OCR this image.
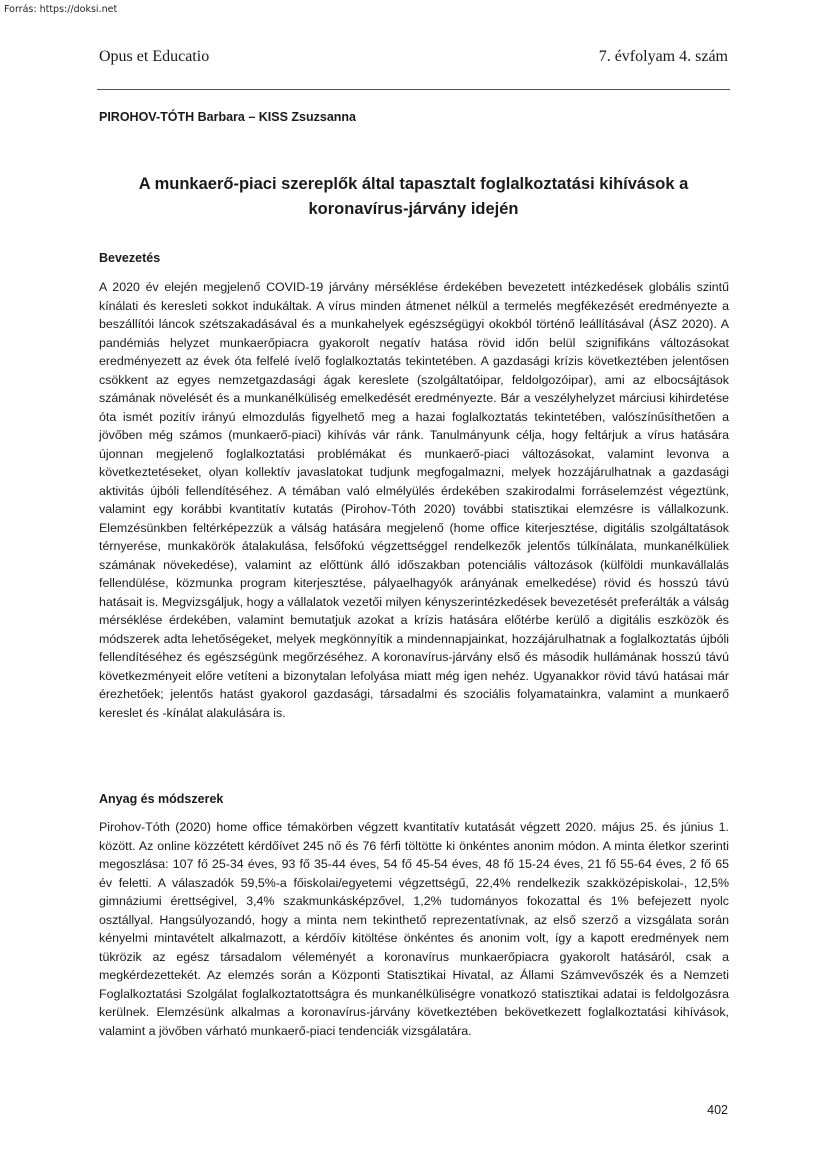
Forrás: https://doksi.net
Opus et Educatio	7. évfolyam 4. szám
PIROHOV-TÓTH Barbara – KISS Zsuzsanna
A munkaerő-piaci szereplők által tapasztalt foglalkoztatási kihívások a koronavírus-járvány idején
Bevezetés

A 2020 év elején megjelenő COVID-19 járvány mérséklése érdekében bevezetett intézkedések globális szintű kínálati és keresleti sokkot indukáltak. A vírus minden átmenet nélkül a termelés megfékezését eredményezte a beszállítói láncok szétszakadásával és a munkahelyek egészségügyi okokból történő leállításával (ÁSZ 2020). A pandémiás helyzet munkaerőpiacra gyakorolt negatív hatása rövid időn belül szignifikáns változásokat eredményezett az évek óta felfelé ívelő foglalkoztatás tekintetében. A gazdasági krízis következtében jelentősen csökkent az egyes nemzetgazdasági ágak kereslete (szolgáltatóipar, feldolgozóipar), ami az elbocsájtások számának növelését és a munkanélküliség emelkedését eredményezte. Bár a veszélyhelyzet márciusi kihirdetése óta ismét pozitív irányú elmozdulás figyelhető meg a hazai foglalkoztatás tekintetében, valószínűsíthetően a jövőben még számos (munkaerő-piaci) kihívás vár ránk. Tanulmányunk célja, hogy feltárjuk a vírus hatására újonnan megjelenő foglalkoztatási problémákat és munkaerő-piaci változásokat, valamint levonva a következtetéseket, olyan kollektív javaslatokat tudjunk megfogalmazni, melyek hozzájárulhatnak a gazdasági aktivitás újbóli fellendítéséhez. A témában való elmélyülés érdekében szakirodalmi forráselemzést végeztünk, valamint egy korábbi kvantitatív kutatás (Pirohov-Tóth 2020) további statisztikai elemzésre is vállalkozunk. Elemzésünkben feltérképezzük a válság hatására megjelenő (home office kiterjesztése, digitális szolgáltatások térnyerése, munkakörök átalakulása, felsőfokú végzettséggel rendelkezők jelentős túlkínálata, munkanélküliek számának növekedése), valamint az előttünk álló időszakban potenciális változások (külföldi munkavállalás fellendülése, közmunka program kiterjesztése, pályaelhagyók arányának emelkedése) rövid és hosszú távú hatásait is. Megvizsgáljuk, hogy a vállalatok vezetői milyen kényszerintézkedések bevezetését preferálták a válság mérséklése érdekében, valamint bemutatjuk azokat a krízis hatására előtérbe kerülő a digitális eszközök és módszerek adta lehetőségeket, melyek megkönnyítik a mindennapjainkat, hozzájárulhatnak a foglalkoztatás újbóli fellendítéséhez és egészségünk megőrzéséhez. A koronavírus-járvány első és második hullámának hosszú távú következményeit előre vetíteni a bizonytalan lefolyása miatt még igen nehéz. Ugyanakkor rövid távú hatásai már érezhetőek; jelentős hatást gyakorol gazdasági, társadalmi és szociális folyamatainkra, valamint a munkaerő kereslet és -kínálat alakulására is.

Anyag és módszerek

Pirohov-Tóth (2020) home office témakörben végzett kvantitatív kutatását végzett 2020. május 25. és június 1. között. Az online közzétett kérdőívet 245 nő és 76 férfi töltötte ki önkéntes anonim módon. A minta életkor szerinti megoszlása: 107 fő 25-34 éves, 93 fő 35-44 éves, 54 fő 45-54 éves, 48 fő 15-24 éves, 21 fő 55-64 éves, 2 fő 65 év feletti. A válaszadók 59,5%-a főiskolai/egyetemi végzettségű, 22,4% rendelkezik szakközépiskolai-, 12,5% gimnáziumi érettségivel, 3,4% szakmunkásképzővel, 1,2% tudományos fokozattal és 1% befejezett nyolc osztállyal. Hangsúlyozandó, hogy a minta nem tekinthető reprezentatívnak, az első szerző a vizsgálata során kényelmi mintavételt alkalmazott, a kérdőív kitöltése önkéntes és anonim volt, így a kapott eredmények nem tükrözik az egész társadalom véleményét a koronavírus munkaerőpiacra gyakorolt hatásáról, csak a megkérdezettekét. Az elemzés során a Központi Statisztikai Hivatal, az Állami Számvevőszék és a Nemzeti Foglalkoztatási Szolgálat foglalkoztatottságra és munkanélküliségre vonatkozó statisztikai adatai is feldolgozásra kerülnek. Elemzésünk alkalmas a koronavírus-járvány következtében bekövetkezett foglalkoztatási kihívások, valamint a jövőben várható munkaerő-piaci tendenciák vizsgálatára.

402
